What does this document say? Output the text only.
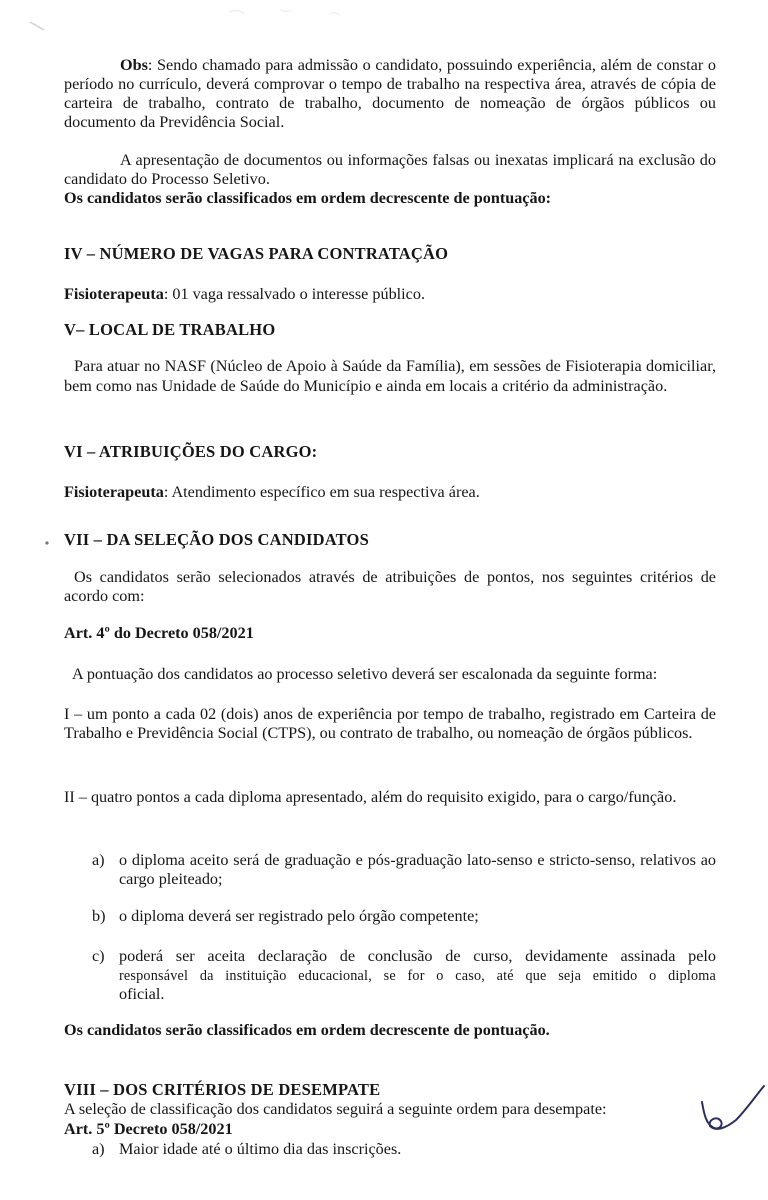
Obs: Sendo chamado para admissão o candidato, possuindo experiência, além de constar o período no currículo, deverá comprovar o tempo de trabalho na respectiva área, através de cópia de carteira de trabalho, contrato de trabalho, documento de nomeação de órgãos públicos ou documento da Previdência Social.

A apresentação de documentos ou informações falsas ou inexatas implicará na exclusão do candidato do Processo Seletivo.

Os candidatos serão classificados em ordem decrescente de pontuação:

IV – NÚMERO DE VAGAS PARA CONTRATAÇÃO

Fisioterapeuta: 01 vaga ressalvado o interesse público.

V– LOCAL DE TRABALHO

Para atuar no NASF (Núcleo de Apoio à Saúde da Família), em sessões de Fisioterapia domiciliar, bem como nas Unidade de Saúde do Município e ainda em locais a critério da administração.

VI – ATRIBUIÇÕES DO CARGO:

Fisioterapeuta: Atendimento específico em sua respectiva área.

VII – DA SELEÇÃO DOS CANDIDATOS

Os candidatos serão selecionados através de atribuições de pontos, nos seguintes critérios de acordo com:

Art. 4º do Decreto 058/2021

A pontuação dos candidatos ao processo seletivo deverá ser escalonada da seguinte forma:

I – um ponto a cada 02 (dois) anos de experiência por tempo de trabalho, registrado em Carteira de Trabalho e Previdência Social (CTPS), ou contrato de trabalho, ou nomeação de órgãos públicos.

II – quatro pontos a cada diploma apresentado, além do requisito exigido, para o cargo/função.

a) o diploma aceito será de graduação e pós-graduação lato-senso e stricto-senso, relativos ao cargo pleiteado;
b) o diploma deverá ser registrado pelo órgão competente;
c) poderá ser aceita declaração de conclusão de curso, devidamente assinada pelo
responsável da instituição educacional, se for o caso, até que seja emitido o diploma
oficial.

Os candidatos serão classificados em ordem decrescente de pontuação.

VIII – DOS CRITÉRIOS DE DESEMPATE

A seleção de classificação dos candidatos seguirá a seguinte ordem para desempate:

Art. 5º Decreto 058/2021

a) Maior idade até o último dia das inscrições.
